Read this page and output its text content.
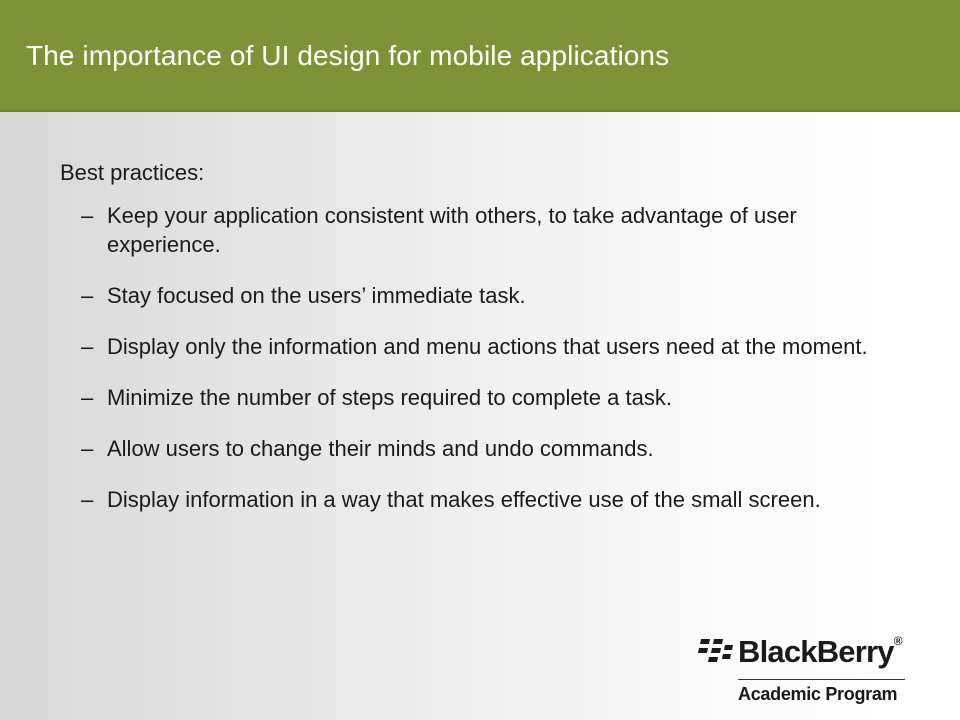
The importance of UI design for mobile applications

Best practices:

– Keep your application consistent with others, to take advantage of user experience.
– Stay focused on the users’ immediate task.
– Display only the information and menu actions that users need at the moment.
– Minimize the number of steps required to complete a task.
– Allow users to change their minds and undo commands.
– Display information in a way that makes effective use of the small screen.
BlackBerry®
Academic Program
